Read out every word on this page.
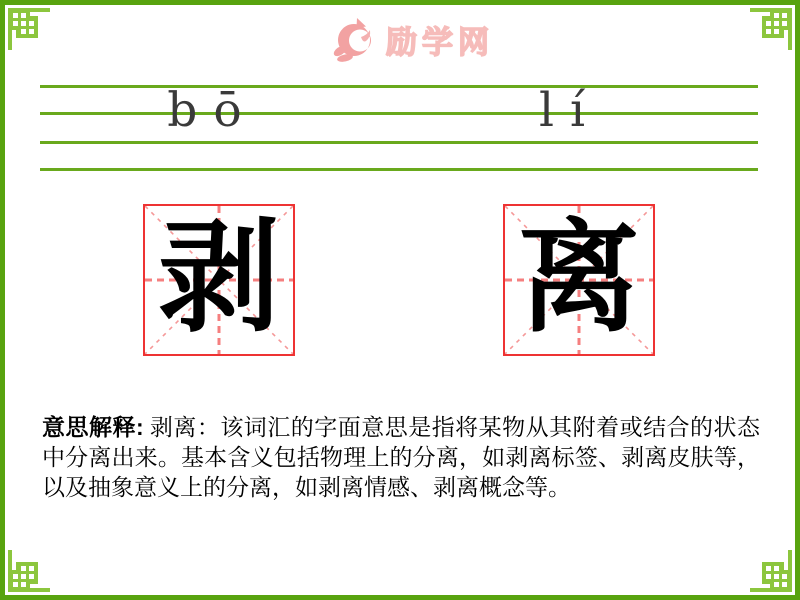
励学网
bō	lí
剥 离

意思解释: 剥离：该词汇的字面意思是指将某物从其附着或结合的状态中分离出来。基本含义包括物理上的分离，如剥离标签、剥离皮肤等，以及抽象意义上的分离，如剥离情感、剥离概念等。
